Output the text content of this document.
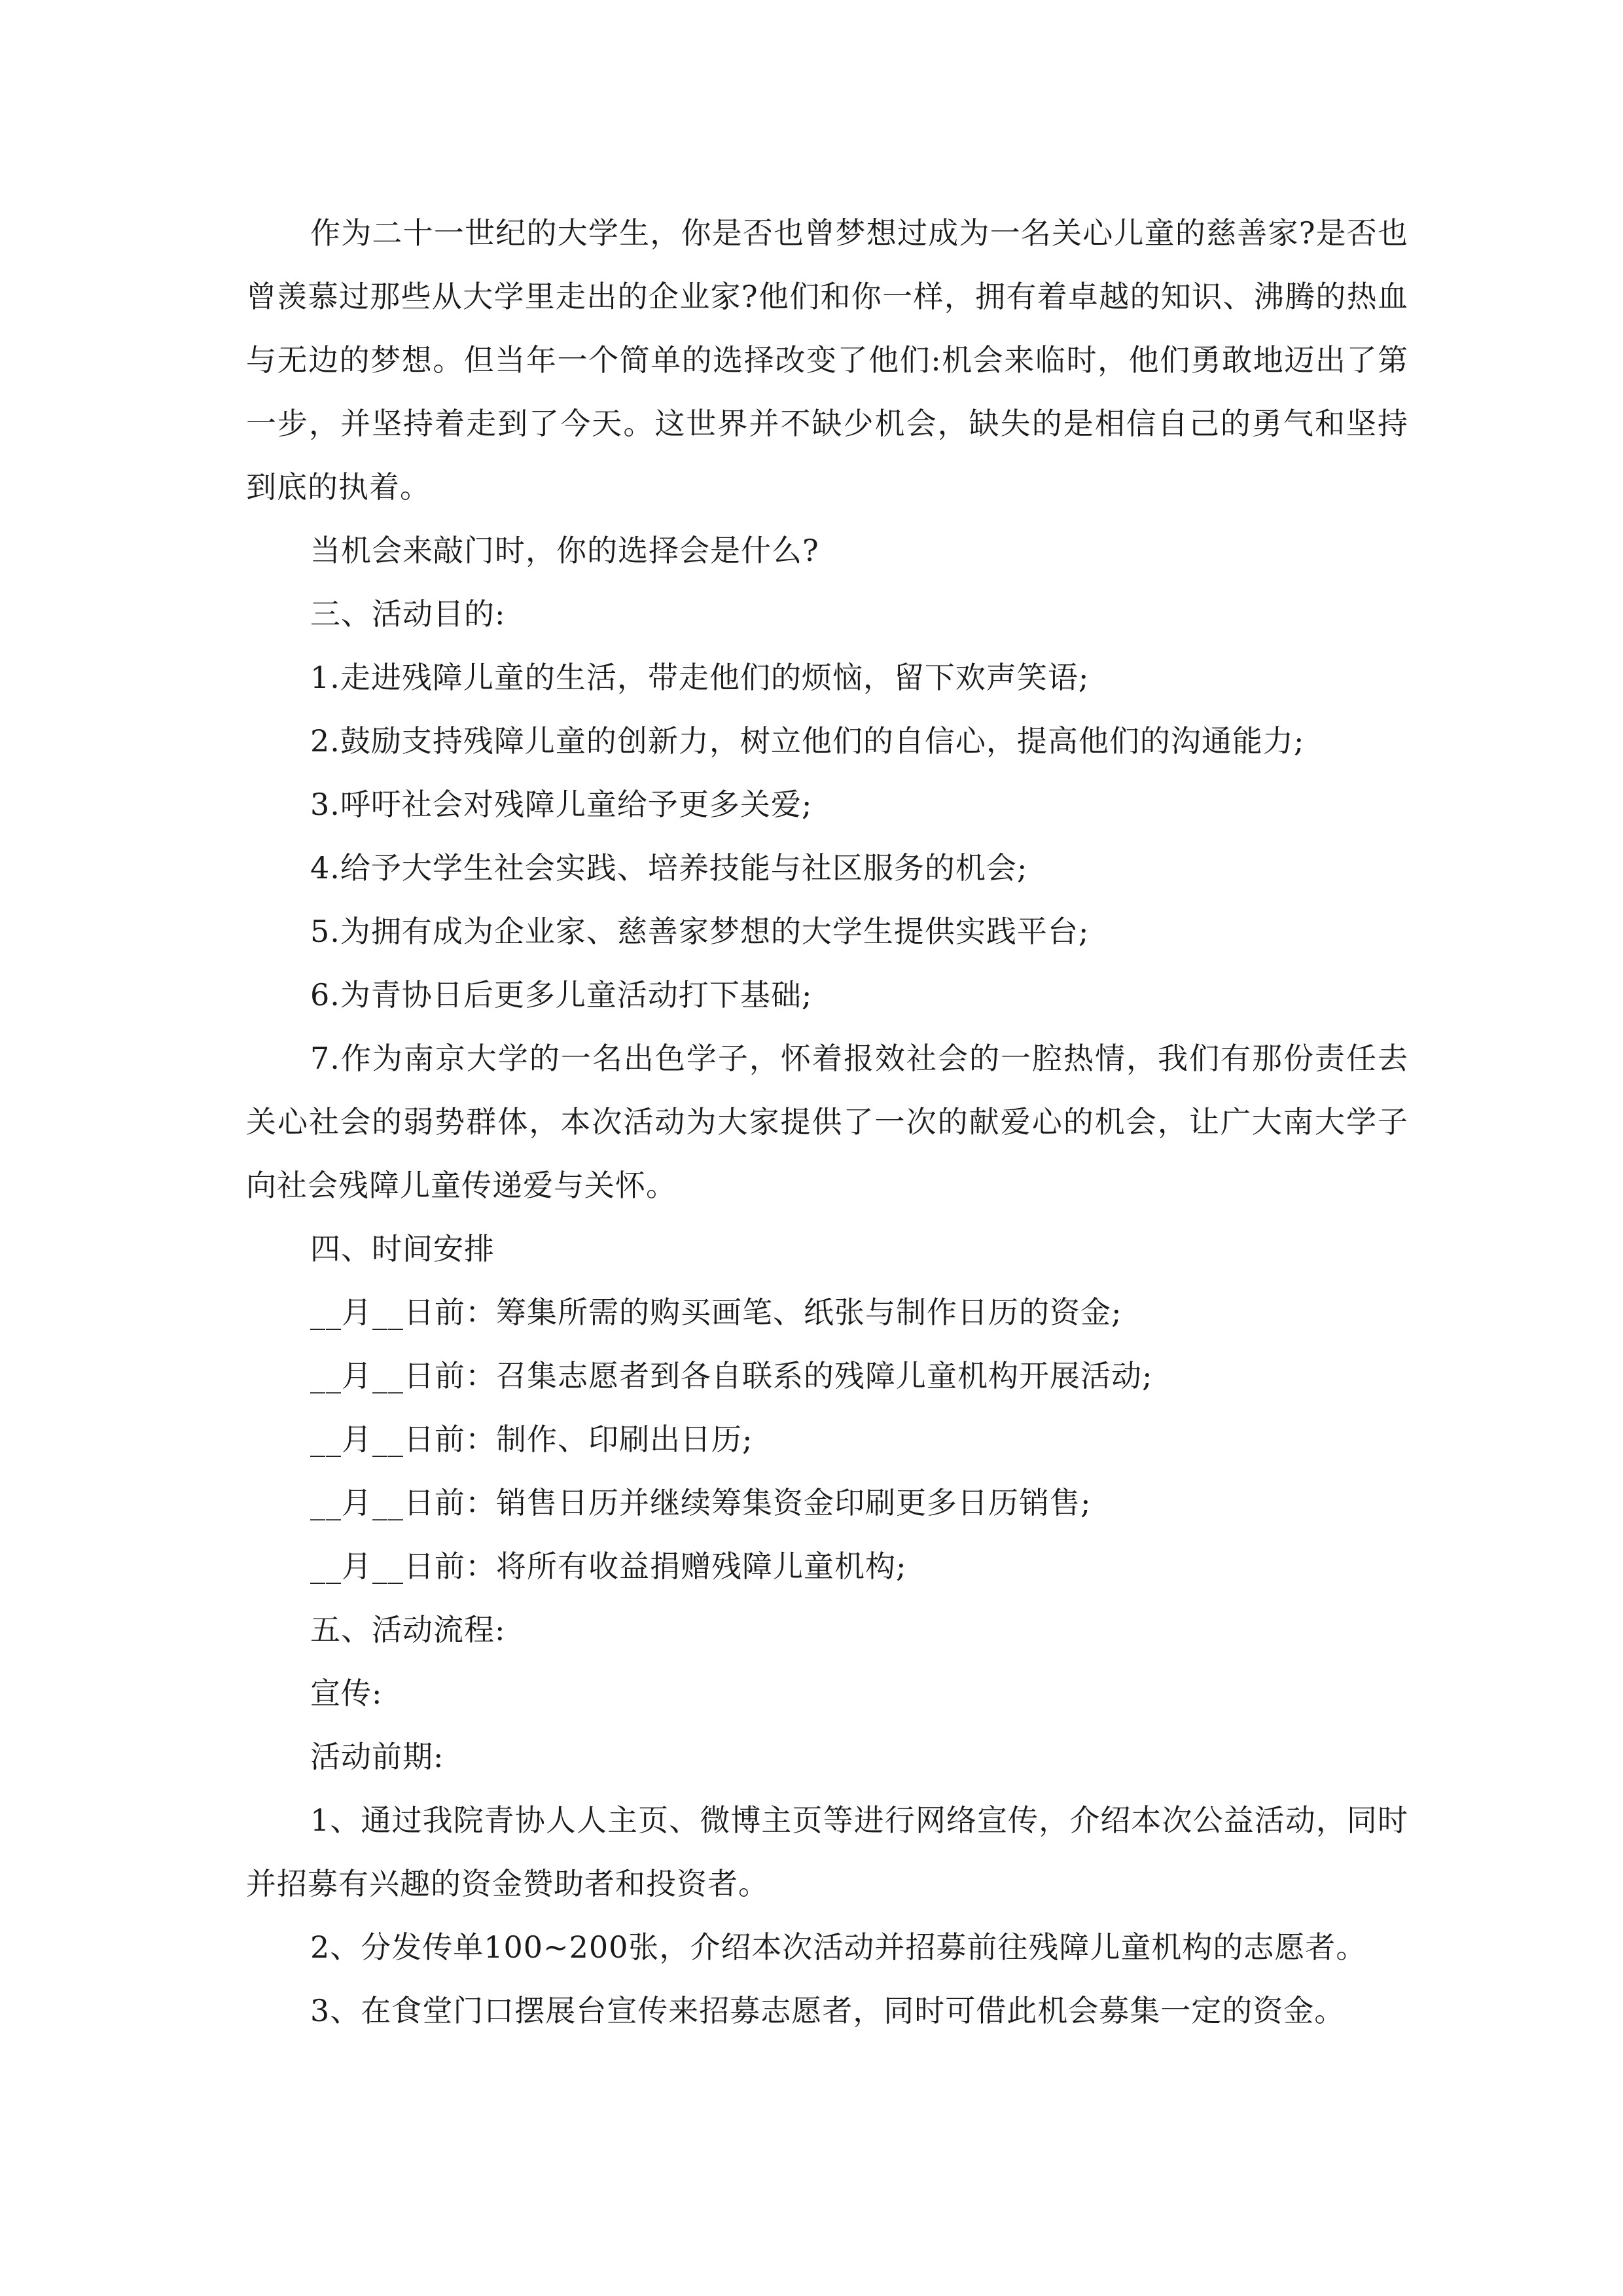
作为二十一世纪的大学生，你是否也曾梦想过成为一名关心儿童的慈善家?是否也曾羡慕过那些从大学里走出的企业家?他们和你一样，拥有着卓越的知识、沸腾的热血与无边的梦想。但当年一个简单的选择改变了他们:机会来临时，他们勇敢地迈出了第一步，并坚持着走到了今天。这世界并不缺少机会，缺失的是相信自己的勇气和坚持到底的执着。

当机会来敲门时，你的选择会是什么?

三、活动目的:

1.走进残障儿童的生活，带走他们的烦恼，留下欢声笑语;

2.鼓励支持残障儿童的创新力，树立他们的自信心，提高他们的沟通能力;

3.呼吁社会对残障儿童给予更多关爱;

4.给予大学生社会实践、培养技能与社区服务的机会;

5.为拥有成为企业家、慈善家梦想的大学生提供实践平台;

6.为青协日后更多儿童活动打下基础;

7.作为南京大学的一名出色学子，怀着报效社会的一腔热情，我们有那份责任去关心社会的弱势群体，本次活动为大家提供了一次的献爱心的机会，让广大南大学子向社会残障儿童传递爱与关怀。

四、时间安排

__月__日前：筹集所需的购买画笔、纸张与制作日历的资金;

__月__日前：召集志愿者到各自联系的残障儿童机构开展活动;

__月__日前：制作、印刷出日历;

__月__日前：销售日历并继续筹集资金印刷更多日历销售;

__月__日前：将所有收益捐赠残障儿童机构;

五、活动流程:

宣传:

活动前期:

1、通过我院青协人人主页、微博主页等进行网络宣传，介绍本次公益活动，同时并招募有兴趣的资金赞助者和投资者。

2、分发传单100~200张，介绍本次活动并招募前往残障儿童机构的志愿者。

3、在食堂门口摆展台宣传来招募志愿者，同时可借此机会募集一定的资金。
